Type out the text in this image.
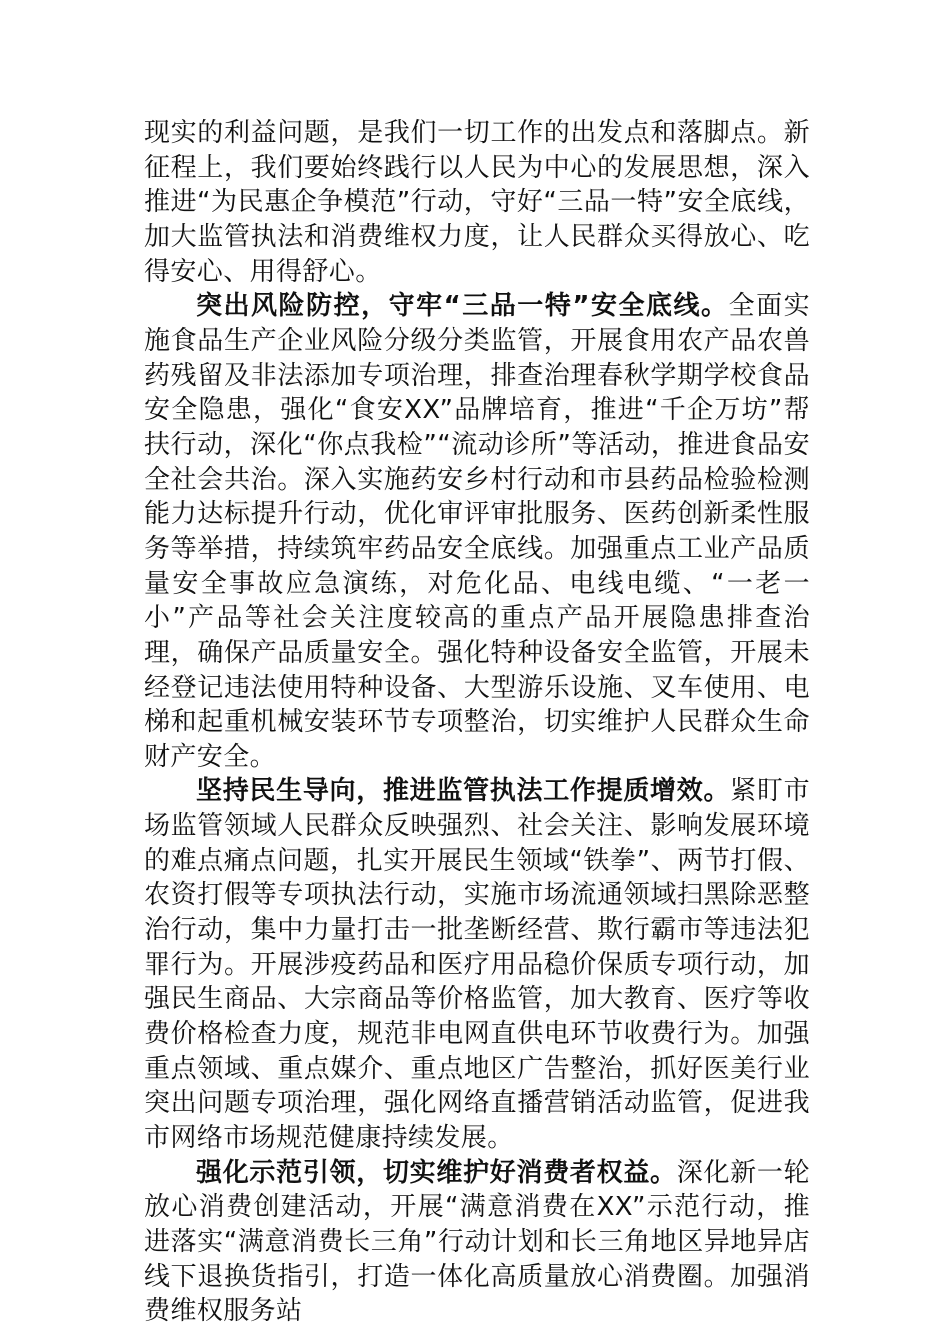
现实的利益问题，是我们一切工作的出发点和落脚点。新征程上，我们要始终践行以人民为中心的发展思想，深入推进“为民惠企争模范”行动，守好“三品一特”安全底线，加大监管执法和消费维权力度，让人民群众买得放心、吃得安心、用得舒心。

突出风险防控，守牢“三品一特”安全底线。全面实施食品生产企业风险分级分类监管，开展食用农产品农兽药残留及非法添加专项治理，排查治理春秋学期学校食品安全隐患，强化“食安XX”品牌培育，推进“千企万坊”帮扶行动，深化“你点我检”“流动诊所”等活动，推进食品安全社会共治。深入实施药安乡村行动和市县药品检验检测能力达标提升行动，优化审评审批服务、医药创新柔性服务等举措，持续筑牢药品安全底线。加强重点工业产品质量安全事故应急演练，对危化品、电线电缆、“一老一小”产品等社会关注度较高的重点产品开展隐患排查治理，确保产品质量安全。强化特种设备安全监管，开展未经登记违法使用特种设备、大型游乐设施、叉车使用、电梯和起重机械安装环节专项整治，切实维护人民群众生命财产安全。

坚持民生导向，推进监管执法工作提质增效。紧盯市场监管领域人民群众反映强烈、社会关注、影响发展环境的难点痛点问题，扎实开展民生领域“铁拳”、两节打假、农资打假等专项执法行动，实施市场流通领域扫黑除恶整治行动，集中力量打击一批垄断经营、欺行霸市等违法犯罪行为。开展涉疫药品和医疗用品稳价保质专项行动，加强民生商品、大宗商品等价格监管，加大教育、医疗等收费价格检查力度，规范非电网直供电环节收费行为。加强重点领域、重点媒介、重点地区广告整治，抓好医美行业突出问题专项治理，强化网络直播营销活动监管，促进我市网络市场规范健康持续发展。

强化示范引领，切实维护好消费者权益。深化新一轮放心消费创建活动，开展“满意消费在XX”示范行动，推进落实“满意消费长三角”行动计划和长三角地区异地异店线下退换货指引，打造一体化高质量放心消费圈。加强消费维权服务站
